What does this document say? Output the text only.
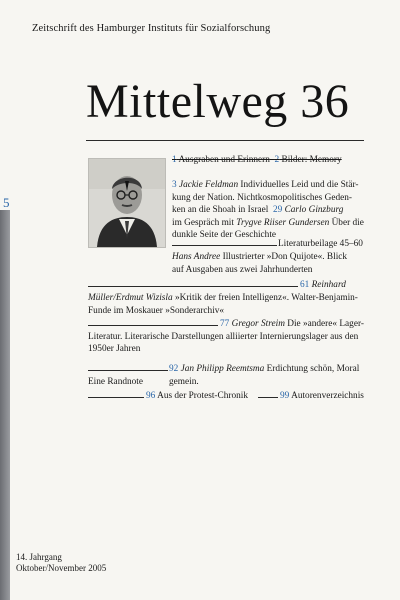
5
Zeitschrift des Hamburger Instituts für Sozialforschung
Mittelweg 36
1 Ausgraben und Erinnern 2 Bilder: Memory
3 Jackie Feldman Individuelles Leid und die Stär-
kung der Nation. Nichtkosmopolitisches Geden-
ken an die Shoah in Israel 29 Carlo Ginzburg
im Gespräch mit Trygve Riiser Gundersen Über die
dunkle Seite der Geschichte
Literaturbeilage 45–60
Hans Andree Illustrierter »Don Quijote«. Blick
auf Ausgaben aus zwei Jahrhunderten
61 Reinhard
Müller/Erdmut Wizisla »Kritik der freien Intelligenz«. Walter-Benjamin-
Funde im Moskauer »Sonderarchiv«
77 Gregor Streim Die »andere« Lager-
Literatur. Literarische Darstellungen alliierter Internierungslager aus den
1950er Jahren
92 Jan Philipp Reemtsma Erdichtung schön, Moral gemein.
Eine Randnote
96 Aus der Protest-Chronik	99 Autorenverzeichnis
14. Jahrgang
Oktober/November 2005
